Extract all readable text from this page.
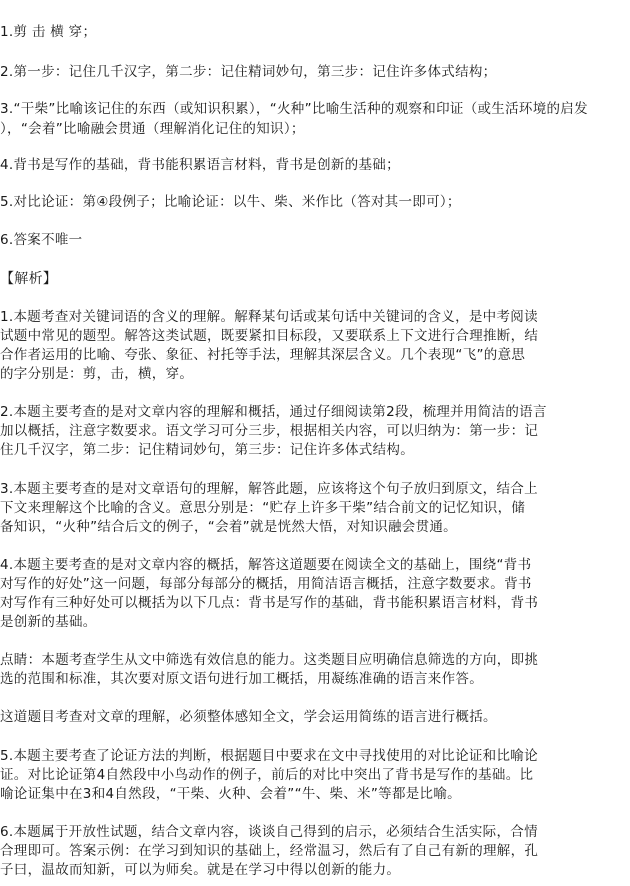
1.剪 击 横 穿；
2.第一步：记住几千汉字，第二步：记住精词妙句，第三步：记住许多体式结构；
3.“干柴”比喻该记住的东西（或知识积累），“火种”比喻生活种的观察和印证（或生活环境的启发
），“会着”比喻融会贯通（理解消化记住的知识）；
4.背书是写作的基础，背书能积累语言材料，背书是创新的基础；
5.对比论证：第④段例子；比喻论证：以牛、柴、米作比（答对其一即可）；
6.答案不唯一
【解析】
1.本题考查对关键词语的含义的理解。解释某句话或某句话中关键词的含义，是中考阅读
试题中常见的题型。解答这类试题，既要紧扣目标段，又要联系上下文进行合理推断，结
合作者运用的比喻、夸张、象征、衬托等手法，理解其深层含义。几个表现“飞”的意思
的字分别是：剪，击，横，穿。
2.本题主要考查的是对文章内容的理解和概括，通过仔细阅读第2段，梳理并用简洁的语言
加以概括，注意字数要求。语文学习可分三步，根据相关内容，可以归纳为：第一步：记
住几千汉字，第二步：记住精词妙句，第三步：记住许多体式结构。
3.本题主要考查的是对文章语句的理解，解答此题，应该将这个句子放归到原文，结合上
下文来理解这个比喻的含义。意思分别是：“贮存上许多干柴”结合前文的记忆知识，储
备知识，“火种”结合后文的例子，“会着”就是恍然大悟，对知识融会贯通。
4.本题主要考查的是对文章内容的概括，解答这道题要在阅读全文的基础上，围绕“背书
对写作的好处”这一问题，每部分每部分的概括，用简洁语言概括，注意字数要求。背书
对写作有三种好处可以概括为以下几点：背书是写作的基础，背书能积累语言材料，背书
是创新的基础。
点睛：本题考查学生从文中筛选有效信息的能力。这类题目应明确信息筛选的方向，即挑
选的范围和标准，其次要对原文语句进行加工概括，用凝练准确的语言来作答。
这道题目考查对文章的理解，必须整体感知全文，学会运用简练的语言进行概括。
5.本题主要考查了论证方法的判断，根据题目中要求在文中寻找使用的对比论证和比喻论
证。对比论证第4自然段中小鸟动作的例子，前后的对比中突出了背书是写作的基础。比
喻论证集中在3和4自然段，“干柴、火种、会着”“牛、柴、米”等都是比喻。
6.本题属于开放性试题，结合文章内容，谈谈自己得到的启示，必须结合生活实际，合情
合理即可。答案示例：在学习到知识的基础上，经常温习，然后有了自己有新的理解，孔
子曰，温故而知新，可以为师矣。就是在学习中得以创新的能力。
